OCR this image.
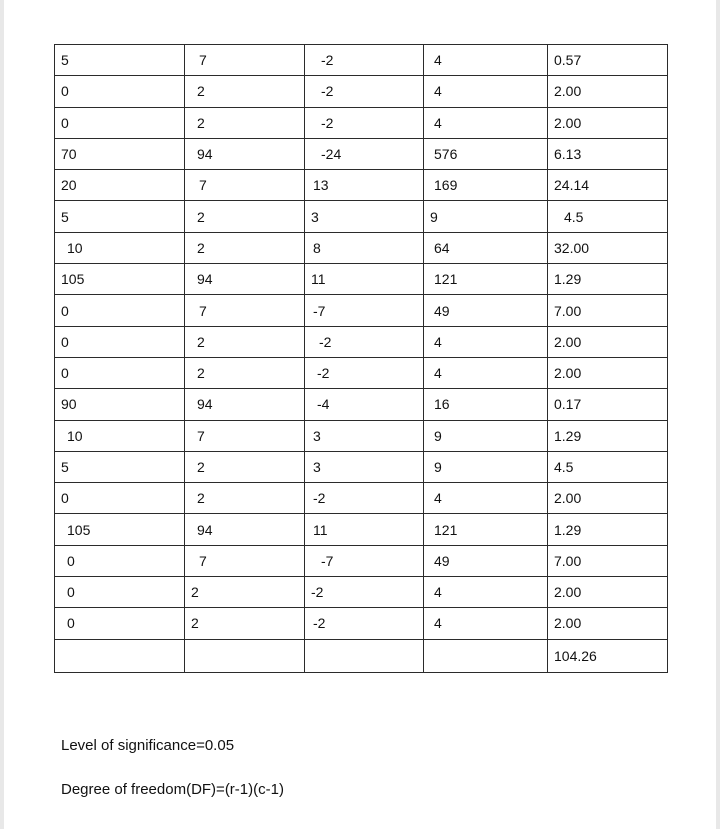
5	7	-2	4	0.57
0	2	-2	4	2.00
0	2	-2	4	2.00
70	94	-24	576	6.13
20	7	13	169	24.14
5	2	3	9	4.5
10	2	8	64	32.00
105	94	11	121	1.29
0	7	-7	49	7.00
0	2	-2	4	2.00
0	2	-2	4	2.00
90	94	-4	16	0.17
10	7	3	9	1.29
5	2	3	9	4.5
0	2	-2	4	2.00
105	94	11	121	1.29
0	7	-7	49	7.00
0	2	-2	4	2.00
0	2	-2	4	2.00
				104.26
Level of significance=0.05
Degree of freedom(DF)=(r-1)(c-1)
